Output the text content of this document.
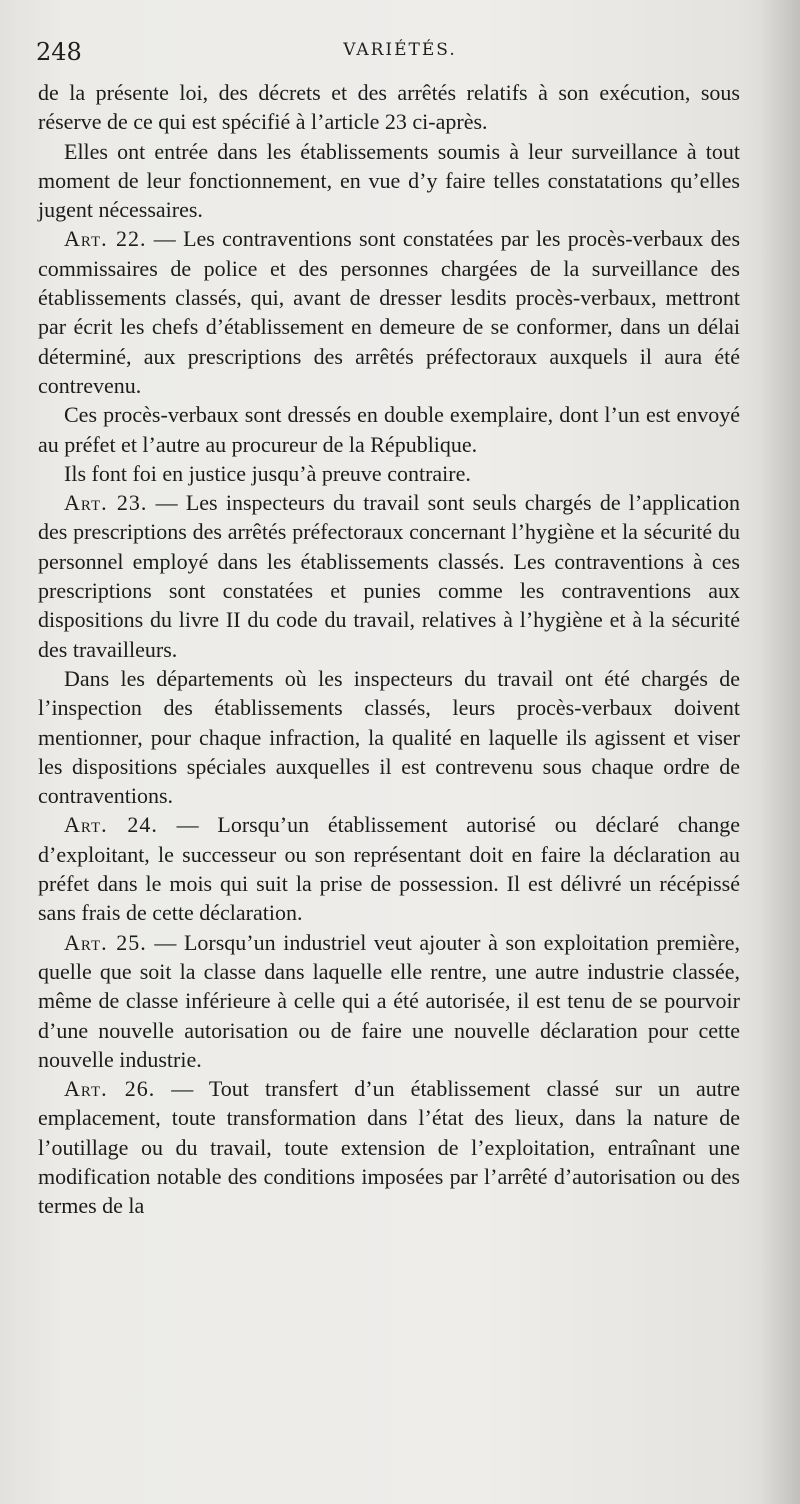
248	VARIÉTÉS.

de la présente loi, des décrets et des arrêtés relatifs à son exécution, sous réserve de ce qui est spécifié à l’article 23 ci-après.

Elles ont entrée dans les établissements soumis à leur surveillance à tout moment de leur fonctionnement, en vue d’y faire telles constatations qu’elles jugent nécessaires.

Art. 22. — Les contraventions sont constatées par les procès-verbaux des commissaires de police et des personnes chargées de la surveillance des établissements classés, qui, avant de dresser lesdits procès-verbaux, mettront par écrit les chefs d’établissement en demeure de se conformer, dans un délai déterminé, aux prescriptions des arrêtés préfectoraux auxquels il aura été contrevenu.

Ces procès-verbaux sont dressés en double exemplaire, dont l’un est envoyé au préfet et l’autre au procureur de la République.

Ils font foi en justice jusqu’à preuve contraire.

Art. 23. — Les inspecteurs du travail sont seuls chargés de l’application des prescriptions des arrêtés préfectoraux concernant l’hygiène et la sécurité du personnel employé dans les établissements classés. Les contraventions à ces prescriptions sont constatées et punies comme les contraventions aux dispositions du livre II du code du travail, relatives à l’hygiène et à la sécurité des travailleurs.

Dans les départements où les inspecteurs du travail ont été chargés de l’inspection des établissements classés, leurs procès-verbaux doivent mentionner, pour chaque infraction, la qualité en laquelle ils agissent et viser les dispositions spéciales auxquelles il est contrevenu sous chaque ordre de contraventions.

Art. 24. — Lorsqu’un établissement autorisé ou déclaré change d’exploitant, le successeur ou son représentant doit en faire la déclaration au préfet dans le mois qui suit la prise de possession. Il est délivré un récépissé sans frais de cette déclaration.

Art. 25. — Lorsqu’un industriel veut ajouter à son exploitation première, quelle que soit la classe dans laquelle elle rentre, une autre industrie classée, même de classe inférieure à celle qui a été autorisée, il est tenu de se pourvoir d’une nouvelle autorisation ou de faire une nouvelle déclaration pour cette nouvelle industrie.

Art. 26. — Tout transfert d’un établissement classé sur un autre emplacement, toute transformation dans l’état des lieux, dans la nature de l’outillage ou du travail, toute extension de l’exploitation, entraînant une modification notable des conditions imposées par l’arrêté d’autorisation ou des termes de la
